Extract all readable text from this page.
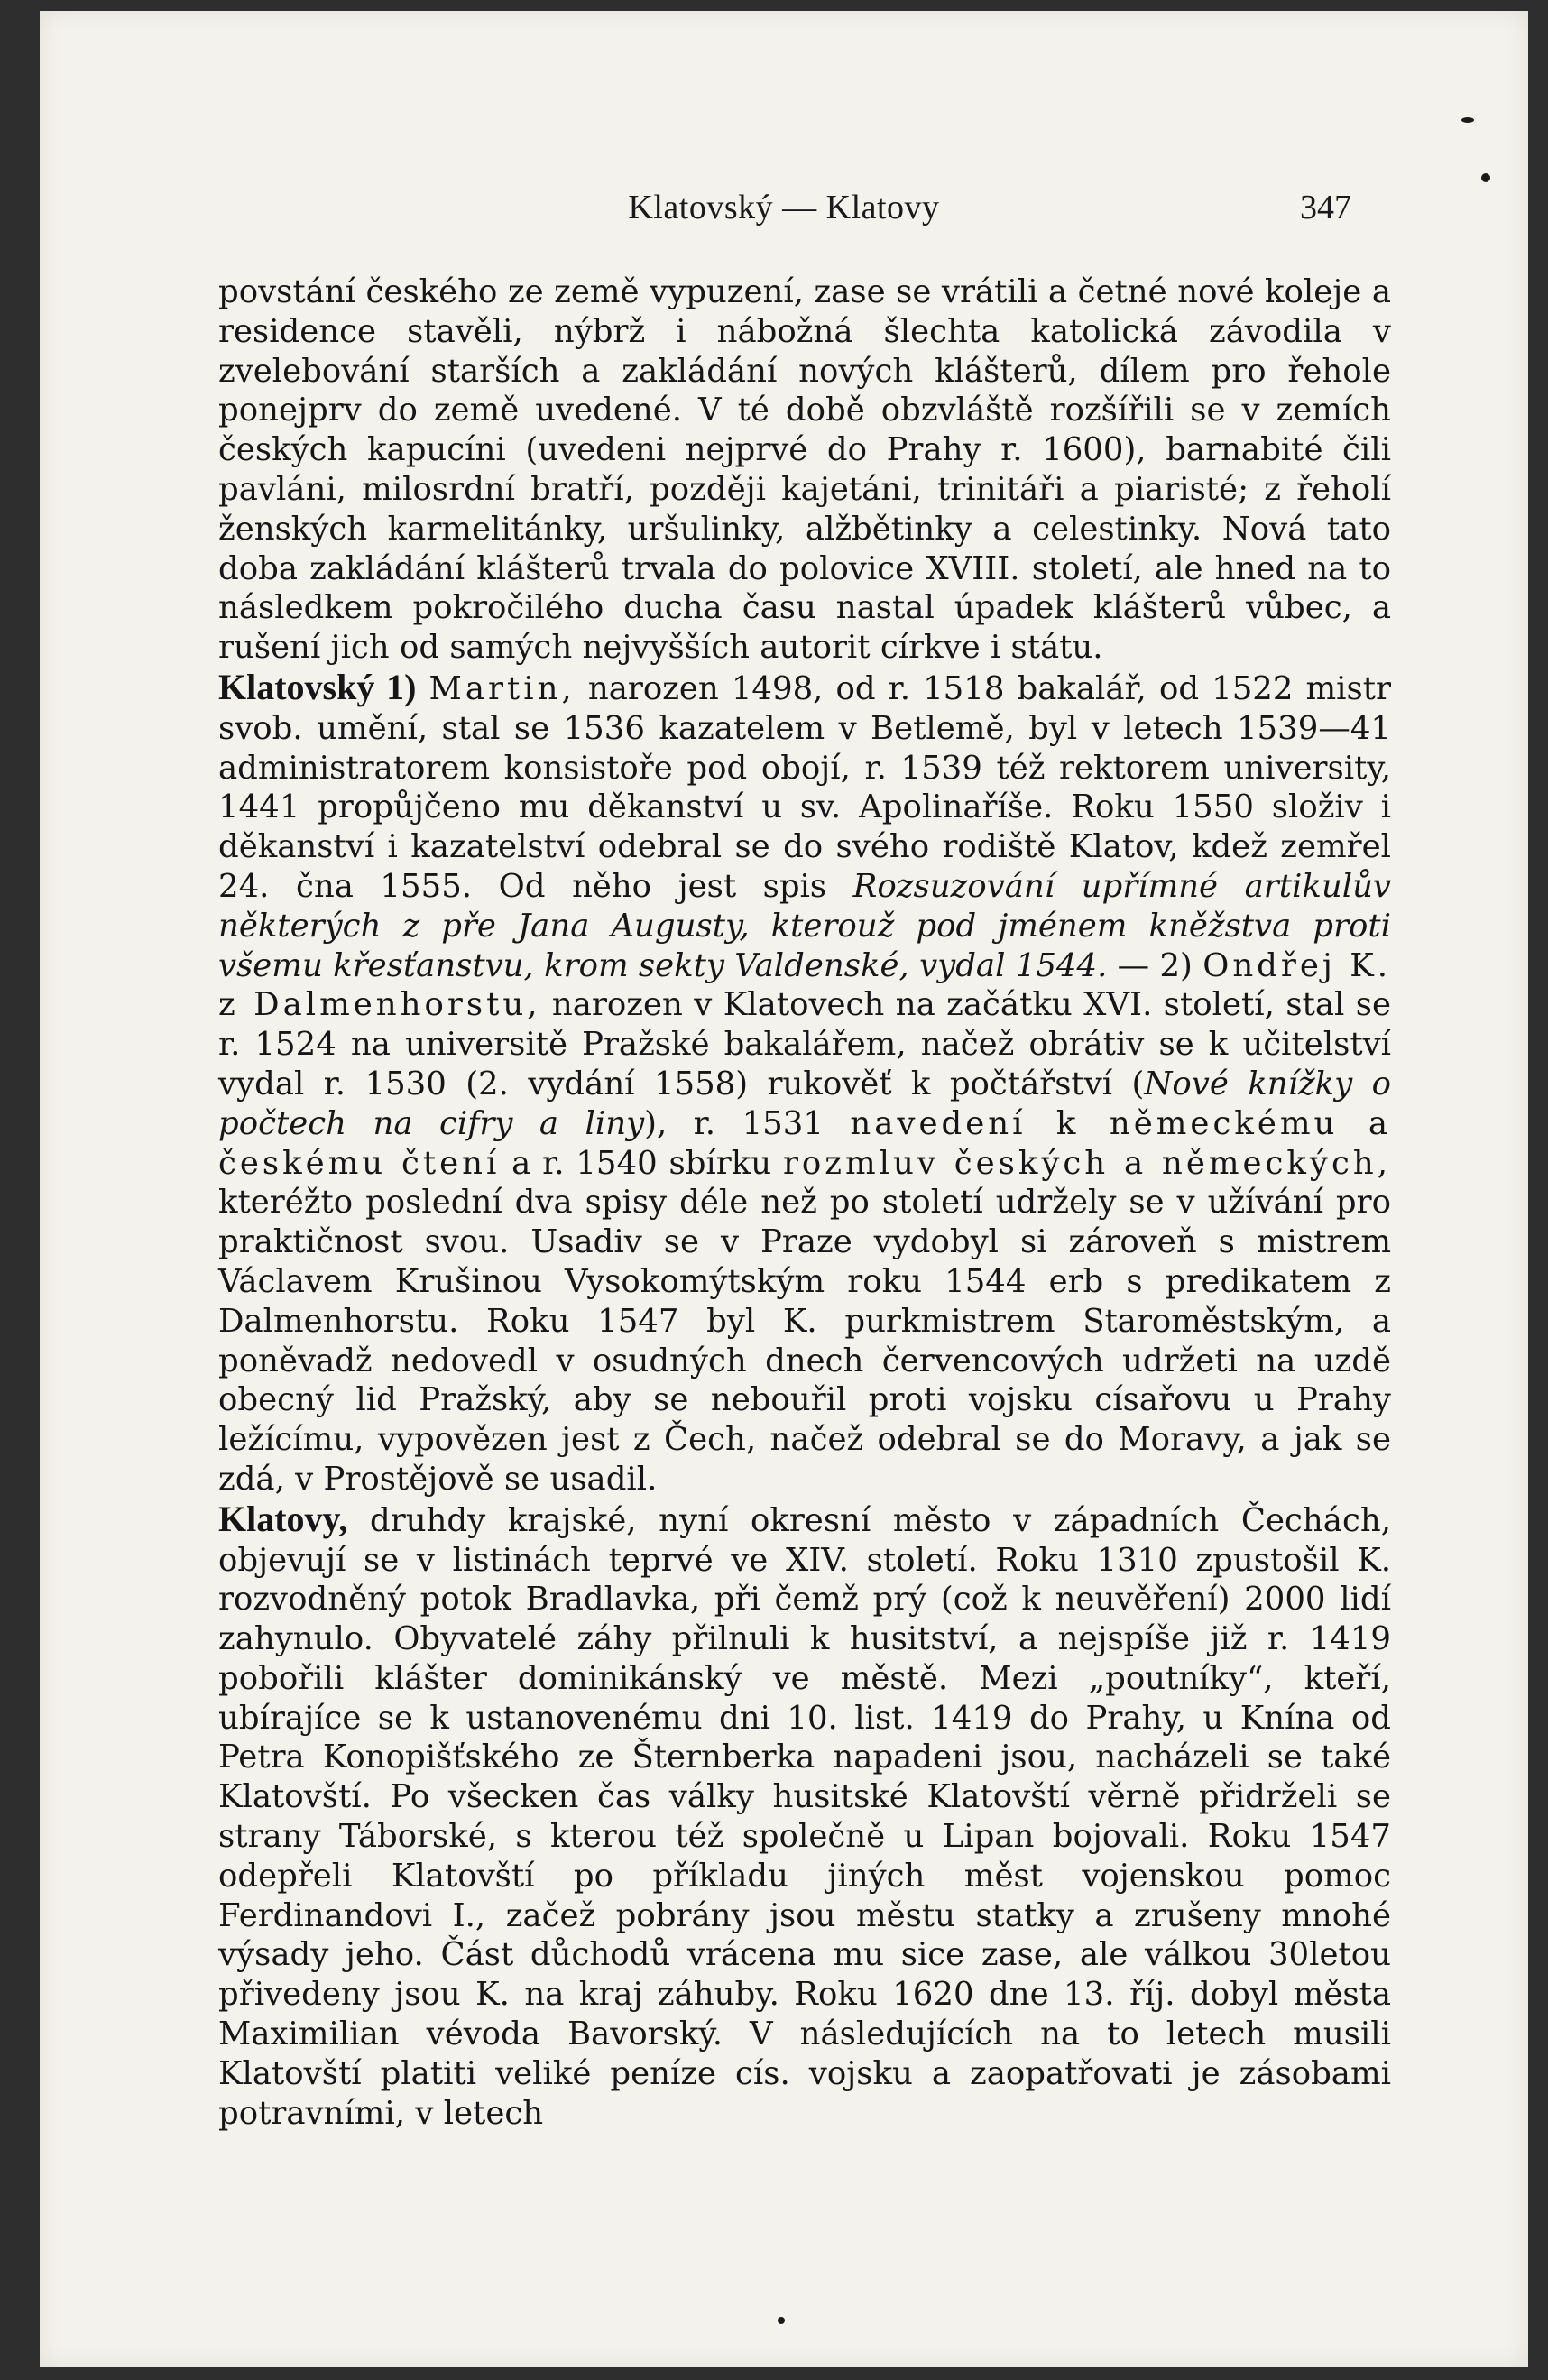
Klatovský — Klatovy	347

povstání českého ze země vypuzení, zase se vrátili a četné nové koleje a residence stavěli, nýbrž i nábožná šlechta katolická závodila v zvelebování starších a zakládání nových klášterů, dílem pro řehole ponejprv do země uvedené. V té době obzvláště rozšířili se v zemích českých kapucíni (uvedeni nejprvé do Prahy r. 1600), barnabité čili pavláni, milosrdní bratří, později kajetáni, trinitáři a piaristé; z řeholí ženských karmelitánky, uršulinky, alžbětinky a celestinky. Nová tato doba zakládání klášterů trvala do polovice XVIII. století, ale hned na to následkem pokročilého ducha času nastal úpadek klášterů vůbec, a rušení jich od samých nejvyšších autorit církve i státu.

Klatovský 1) Martin, narozen 1498, od r. 1518 bakalář, od 1522 mistr svob. umění, stal se 1536 kazatelem v Betlemě, byl v letech 1539—41 administratorem konsistoře pod obojí, r. 1539 též rektorem university, 1441 propůjčeno mu děkanství u sv. Apolinaříše. Roku 1550 složiv i děkanství i kazatelství odebral se do svého rodiště Klatov, kdež zemřel 24. čna 1555. Od něho jest spis Rozsuzování upřímné artikulův některých z pře Jana Augusty, kterouž pod jménem kněžstva proti všemu křesťanstvu, krom sekty Valdenské, vydal 1544. — 2) Ondřej K. z Dalmenhorstu, narozen v Klatovech na začátku XVI. století, stal se r. 1524 na universitě Pražské bakalářem, načež obrátiv se k učitelství vydal r. 1530 (2. vydání 1558) rukověť k počtářství (Nové knížky o počtech na cifry a liny), r. 1531 navedení k německému a českému čtení a r. 1540 sbírku rozmluv českých a německých, kteréžto poslední dva spisy déle než po století udržely se v užívání pro praktičnost svou. Usadiv se v Praze vydobyl si zároveň s mistrem Václavem Krušinou Vysokomýtským roku 1544 erb s predikatem z Dalmenhorstu. Roku 1547 byl K. purkmistrem Staroměstským, a poněvadž nedovedl v osudných dnech červencových udržeti na uzdě obecný lid Pražský, aby se nebouřil proti vojsku císařovu u Prahy ležícímu, vypovězen jest z Čech, načež odebral se do Moravy, a jak se zdá, v Prostějově se usadil.

Klatovy, druhdy krajské, nyní okresní město v západních Čechách, objevují se v listinách teprvé ve XIV. století. Roku 1310 zpustošil K. rozvodněný potok Bradlavka, při čemž prý (což k neuvěření) 2000 lidí zahynulo. Obyvatelé záhy přilnuli k husitství, a nejspíše již r. 1419 pobořili klášter dominikánský ve městě. Mezi „poutníky“, kteří, ubírajíce se k ustanovenému dni 10. list. 1419 do Prahy, u Knína od Petra Konopišťského ze Šternberka napadeni jsou, nacházeli se také Klatovští. Po všecken čas války husitské Klatovští věrně přidrželi se strany Táborské, s kterou též společně u Lipan bojovali. Roku 1547 odepřeli Klatovští po příkladu jiných měst vojenskou pomoc Ferdinandovi I., začež pobrány jsou městu statky a zrušeny mnohé výsady jeho. Část důchodů vrácena mu sice zase, ale válkou 30letou přivedeny jsou K. na kraj záhuby. Roku 1620 dne 13. říj. dobyl města Maximilian vévoda Bavorský. V následujících na to letech musili Klatovští platiti veliké peníze cís. vojsku a zaopatřovati je zásobami potravními, v letech
